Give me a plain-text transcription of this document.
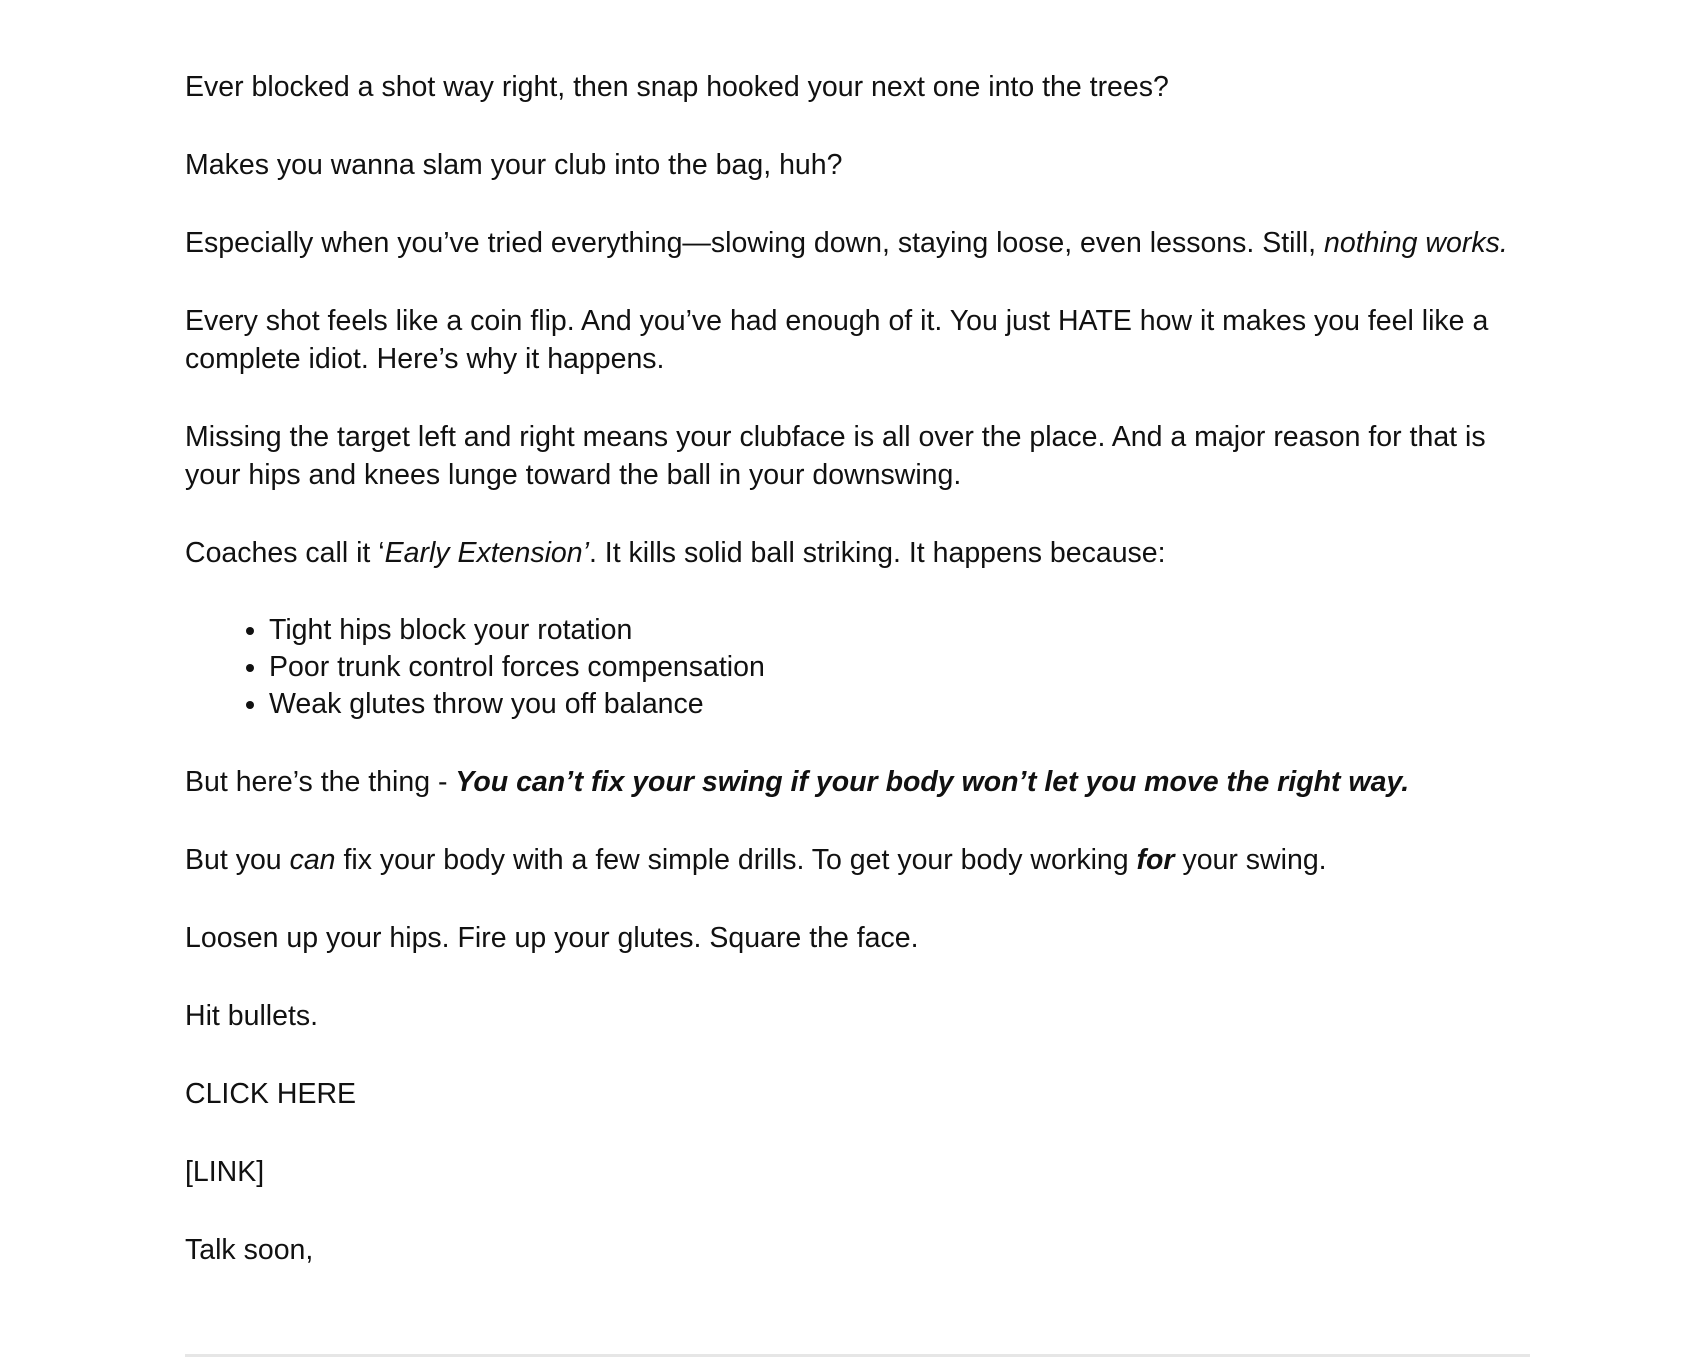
Ever blocked a shot way right, then snap hooked your next one into the trees?

Makes you wanna slam your club into the bag, huh?

Especially when you’ve tried everything—slowing down, staying loose, even lessons. Still, nothing works.

Every shot feels like a coin flip. And you’ve had enough of it. You just HATE how it makes you feel like a complete idiot. Here’s why it happens.

Missing the target left and right means your clubface is all over the place. And a major reason for that is your hips and knees lunge toward the ball in your downswing.

Coaches call it ‘Early Extension’. It kills solid ball striking. It happens because:

• Tight hips block your rotation
• Poor trunk control forces compensation
• Weak glutes throw you off balance

But here’s the thing - You can’t fix your swing if your body won’t let you move the right way.

But you can fix your body with a few simple drills. To get your body working for your swing.

Loosen up your hips. Fire up your glutes. Square the face.

Hit bullets.

CLICK HERE

[LINK]

Talk soon,
